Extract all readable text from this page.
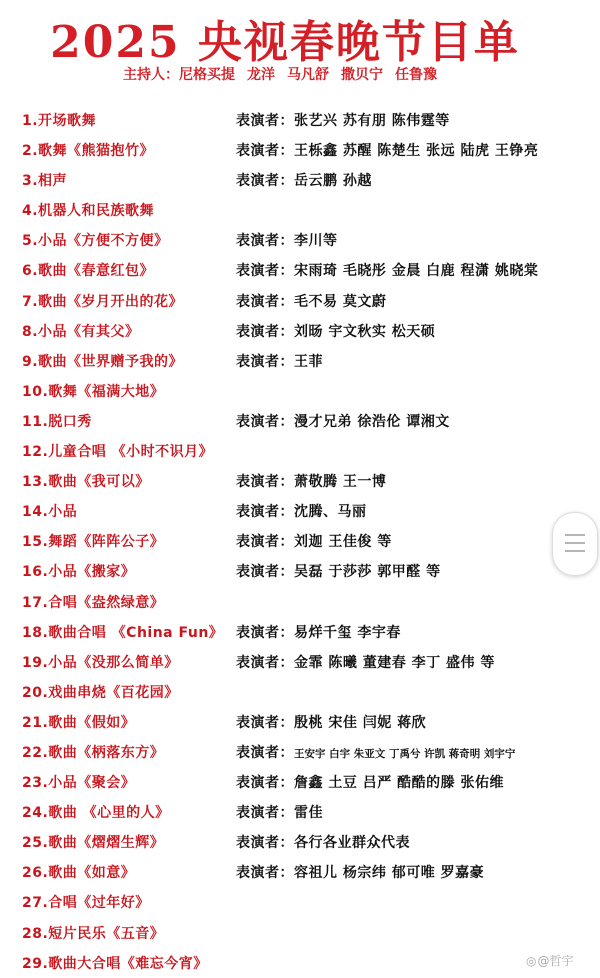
2025 央视春晚节目单
主持人：尼格买提 龙洋 马凡舒 撒贝宁 任鲁豫
1.开场歌舞	表演者：张艺兴 苏有朋 陈伟霆等
2.歌舞《熊猫抱竹》	表演者：王栎鑫 苏醒 陈楚生 张远 陆虎 王铮亮
3.相声	表演者：岳云鹏 孙越
4.机器人和民族歌舞
5.小品《方便不方便》	表演者：李川等
6.歌曲《春意红包》	表演者：宋雨琦 毛晓彤 金晨 白鹿 程潇 姚晓棠
7.歌曲《岁月开出的花》	表演者：毛不易 莫文蔚
8.小品《有其父》	表演者：刘旸 宇文秋实 松天硕
9.歌曲《世界赠予我的》	表演者：王菲
10.歌舞《福满大地》
11.脱口秀	表演者：漫才兄弟 徐浩伦 谭湘文
12.儿童合唱 《小时不识月》
13.歌曲《我可以》	表演者：萧敬腾 王一博
14.小品	表演者：沈腾、马丽
15.舞蹈《阵阵公子》	表演者：刘迦 王佳俊 等
16.小品《搬家》	表演者：吴磊 于莎莎 郭甲醛 等
17.合唱《盎然绿意》
18.歌曲合唱 《China Fun》 表演者：易烊千玺 李宇春
19.小品《没那么简单》	表演者：金霏 陈曦 董建春 李丁 盛伟 等
20.戏曲串烧《百花园》
21.歌曲《假如》	表演者：殷桃 宋佳 闫妮 蒋欣
22.歌曲《柄落东方》	表演者：王安宇 白宇 朱亚文 丁禹兮 许凯 蒋奇明 刘宇宁
23.小品《聚会》	表演者：詹鑫 土豆 吕严 酷酷的滕 张佑维
24.歌曲 《心里的人》	表演者：雷佳
25.歌曲《熠熠生辉》	表演者：各行各业群众代表
26.歌曲《如意》	表演者：容祖儿 杨宗纬 郁可唯 罗嘉豪
27.合唱《过年好》
28.短片民乐《五音》
29.歌曲大合唱《难忘今宵》	◎@哲宇
